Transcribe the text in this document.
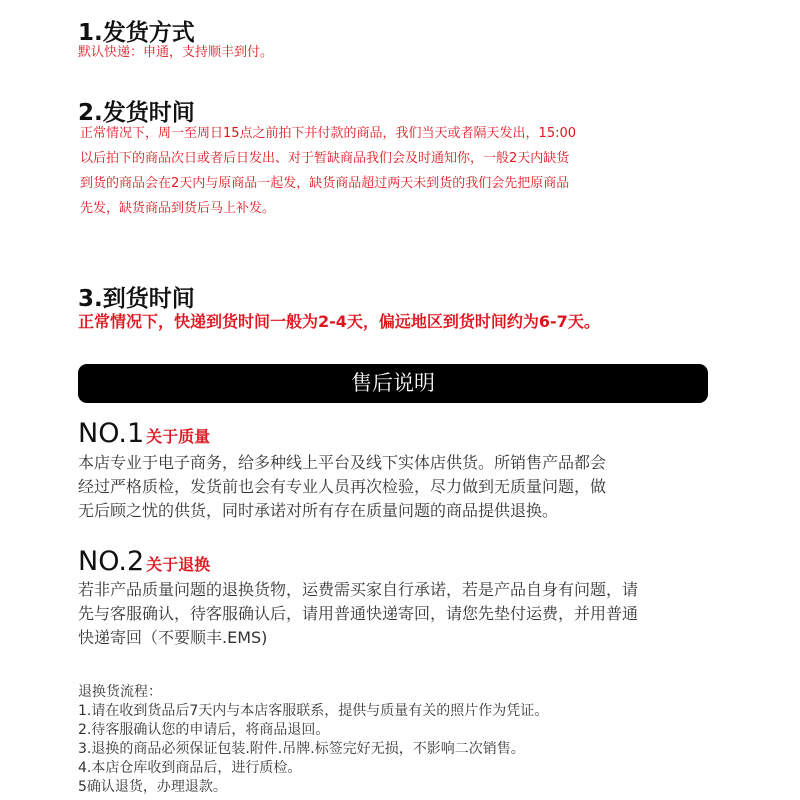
1.发货方式
默认快递：申通，支持顺丰到付。
2.发货时间
正常情况下，周一至周日15点之前拍下并付款的商品，我们当天或者隔天发出，15:00
以后拍下的商品次日或者后日发出、对于暂缺商品我们会及时通知你，一般2天内缺货
到货的商品会在2天内与原商品一起发，缺货商品超过两天未到货的我们会先把原商品
先发，缺货商品到货后马上补发。
3.到货时间
正常情况下，快递到货时间一般为2-4天，偏远地区到货时间约为6-7天。
售后说明
NO.1 关于质量
本店专业于电子商务，给多种线上平台及线下实体店供货。所销售产品都会
经过严格质检，发货前也会有专业人员再次检验，尽力做到无质量问题，做
无后顾之忧的供货，同时承诺对所有存在质量问题的商品提供退换。
NO.2 关于退换
若非产品质量问题的退换货物，运费需买家自行承诺，若是产品自身有问题，请
先与客服确认，待客服确认后，请用普通快递寄回，请您先垫付运费，并用普通
快递寄回（不要顺丰.EMS)
退换货流程：
1.请在收到货品后7天内与本店客服联系，提供与质量有关的照片作为凭证。
2.待客服确认您的申请后，将商品退回。
3.退换的商品必须保证包装.附件.吊牌.标签完好无损，不影响二次销售。
4.本店仓库收到商品后，进行质检。
5确认退货，办理退款。
